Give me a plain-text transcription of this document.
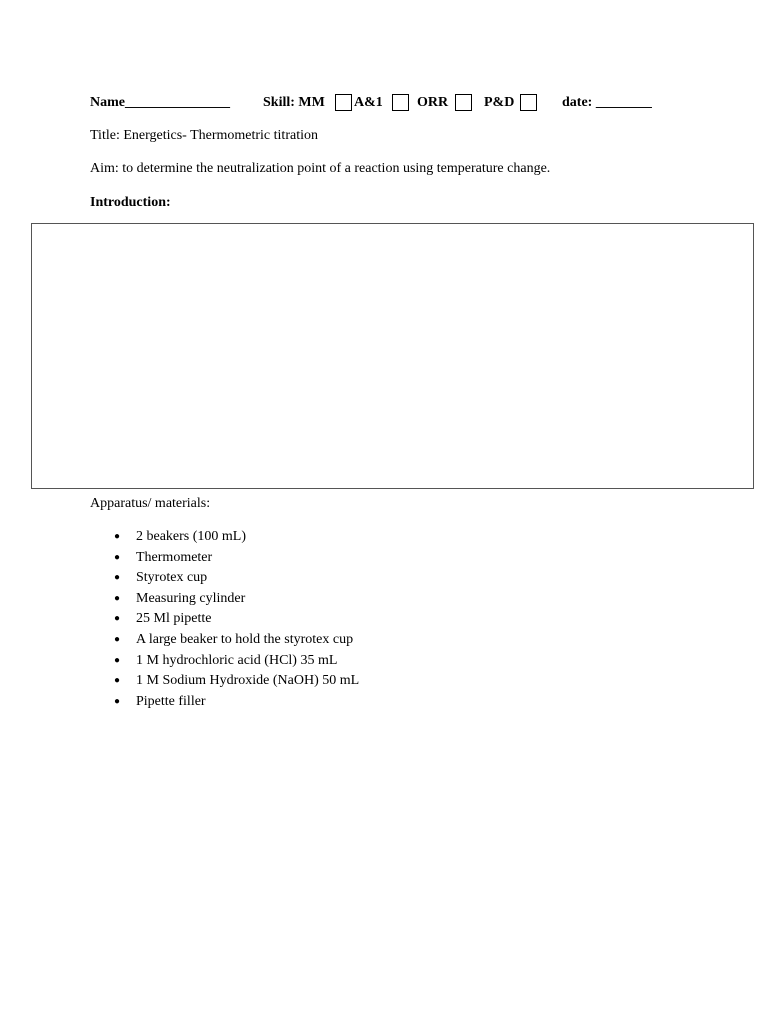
Name_______________ Skill: MM A&1 ORR	P&D	date: ________
Title: Energetics- Thermometric titration
Aim: to determine the neutralization point of a reaction using temperature change.
Introduction:
Apparatus/ materials:
● 2 beakers (100 mL)
● Thermometer
● Styrotex cup
● Measuring cylinder
● 25 Ml pipette
● A large beaker to hold the styrotex cup
● 1 M hydrochloric acid (HCl) 35 mL
● 1 M Sodium Hydroxide (NaOH) 50 mL
● Pipette filler
